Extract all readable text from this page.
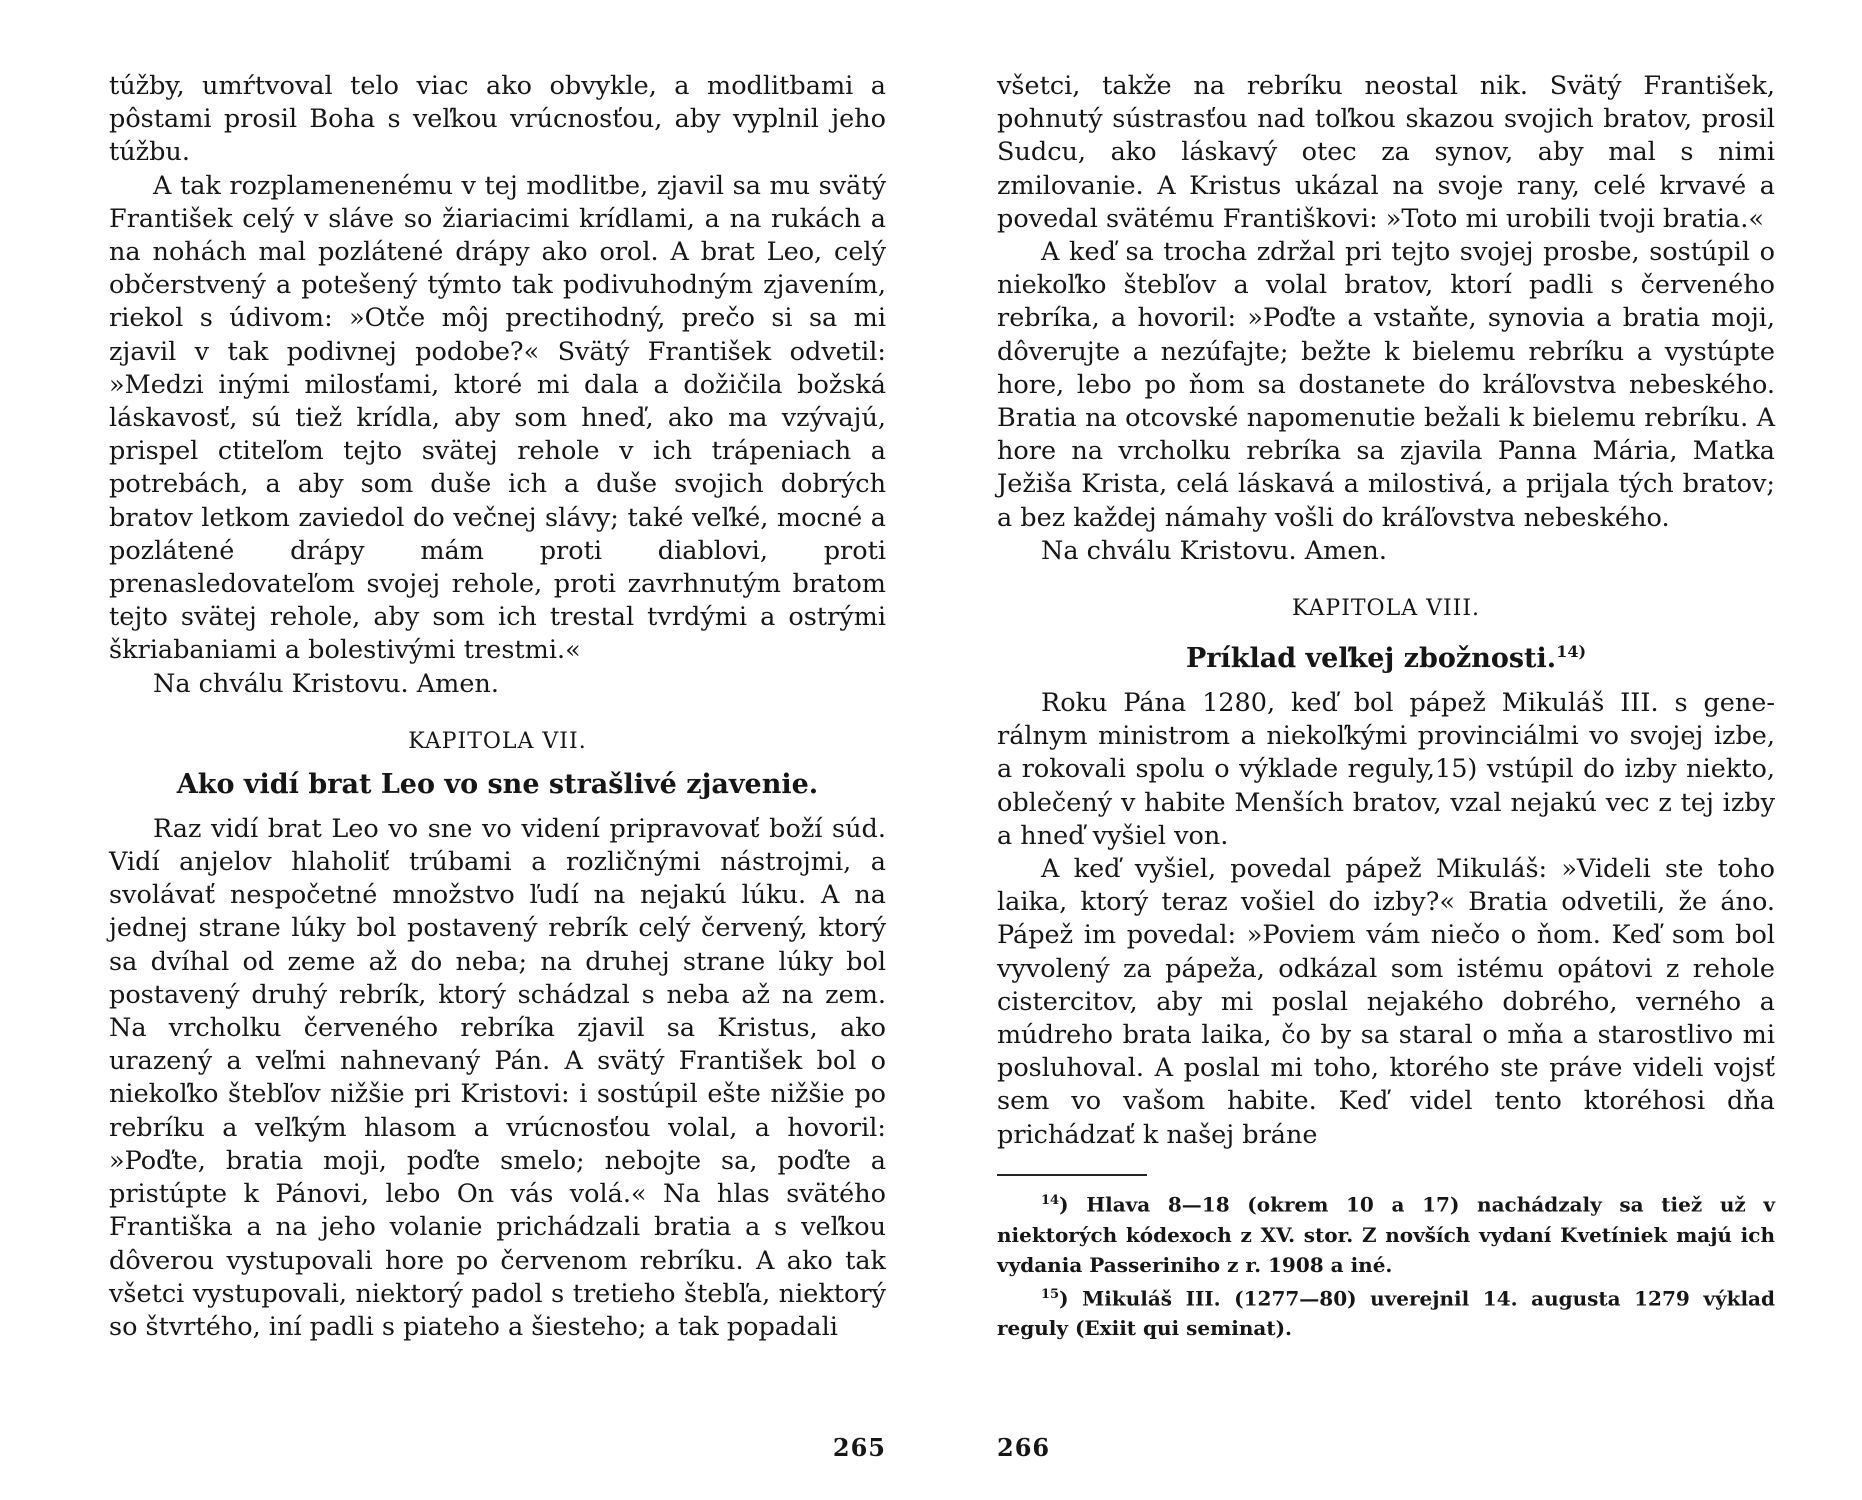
túžby, umŕtvoval telo viac ako obvykle, a modlitbami a pôstami prosil Boha s veľkou vrúcnosťou, aby vyplnil jeho túžbu.

A tak rozplamenenému v tej modlitbe, zjavil sa mu svätý František celý v sláve so žiariacimi krídlami, a na rukách a na nohách mal pozlátené drápy ako orol. A brat Leo, celý občerstvený a potešený týmto tak podivuhodným zjavením, riekol s údivom: »Otče môj prectihodný, prečo si sa mi zjavil v tak podivnej podobe?« Svätý František odvetil: »Medzi inými milosťami, ktoré mi dala a dožičila božská láskavosť, sú tiež krídla, aby som hneď, ako ma vzývajú, prispel ctiteľom tejto svätej rehole v ich trápeniach a potrebách, a aby som duše ich a duše svojich dobrých bratov letkom zaviedol do večnej slávy; také veľké, mocné a pozlátené drápy mám proti diablovi, proti prenasledovateľom svojej rehole, proti zavrhnutým bratom tejto svätej rehole, aby som ich trestal tvrdými a ostrými škriabaniami a bolestivými trestmi.«

Na chválu Kristovu. Amen.

KAPITOLA VII.
Ako vidí brat Leo vo sne strašlivé zjavenie.

Raz vidí brat Leo vo sne vo videní pripravovať boží súd. Vidí anjelov hlaholiť trúbami a rozličnými nástrojmi, a svolávať nespočetné množstvo ľudí na nejakú lúku. A na jednej strane lúky bol postavený rebrík celý červený, ktorý sa dvíhal od zeme až do neba; na druhej strane lúky bol postavený druhý rebrík, ktorý schádzal s neba až na zem. Na vrcholku červeného rebríka zjavil sa Kristus, ako urazený a veľmi nahnevaný Pán. A svätý František bol o niekoľko štebľov nižšie pri Kristovi: i sostúpil ešte nižšie po rebríku a veľkým hlasom a vrúcnosťou volal, a hovoril: »Poďte, bratia moji, poďte smelo; nebojte sa, poďte a pristúpte k Pánovi, lebo On vás volá.« Na hlas svätého Františka a na jeho volanie prichádzali bratia a s veľkou dôverou vystupovali hore po červenom rebríku. A ako tak všetci vystupovali, niektorý padol s tretieho štebľa, niektorý so štvrtého, iní padli s piateho a šiesteho; a tak popadali

265

všetci, takže na rebríku neostal nik. Svätý František, pohnutý sústrasťou nad toľkou skazou svojich bratov, prosil Sudcu, ako láskavý otec za synov, aby mal s nimi zmilovanie. A Kristus ukázal na svoje rany, celé krvavé a povedal svätému Františkovi: »Toto mi urobili tvoji bratia.«

A keď sa trocha zdržal pri tejto svojej prosbe, sostúpil o niekoľko štebľov a volal bratov, ktorí padli s červeného rebríka, a hovoril: »Poďte a vstaňte, synovia a bratia moji, dôverujte a nezúfajte; bežte k bielemu rebríku a vystúpte hore, lebo po ňom sa dostanete do kráľovstva nebeského. Bratia na otcovské napomenutie bežali k bielemu rebríku. A hore na vrcholku rebríka sa zjavila Panna Mária, Matka Ježiša Krista, celá láskavá a milostivá, a prijala tých bratov; a bez každej námahy vošli do kráľovstva nebeského.

Na chválu Kristovu. Amen.

KAPITOLA VIII.
Príklad veľkej zbožnosti.$^{14)}$

Roku Pána 1280, keď bol pápež Mikuláš III. s generálnym ministrom a niekoľkými provinciálmi vo svojej izbe, a rokovali spolu o výklade reguly,15) vstúpil do izby niekto, oblečený v habite Menších bratov, vzal nejakú vec z tej izby a hneď vyšiel von.

A keď vyšiel, povedal pápež Mikuláš: »Videli ste toho laika, ktorý teraz vošiel do izby?« Bratia odvetili, že áno. Pápež im povedal: »Poviem vám niečo o ňom. Keď som bol vyvolený za pápeža, odkázal som istému opátovi z rehole cistercitov, aby mi poslal nejakého dobrého, verného a múdreho brata laika, čo by sa staral o mňa a starostlivo mi posluhoval. A poslal mi toho, ktorého ste práve videli vojsť sem vo vašom habite. Keď videl tento ktoréhosi dňa prichádzať k našej bráne

$^{14}$) Hlava 8—18 (okrem 10 a 17) nachádzaly sa tiež už v niektorých kódexoch z XV. stor. Z novších vydaní Kvetíniek majú ich vydania Passeriniho z r. 1908 a iné.

$^{15}$) Mikuláš III. (1277—80) uverejnil 14. augusta 1279 výklad reguly (Exiit qui seminat).

266
